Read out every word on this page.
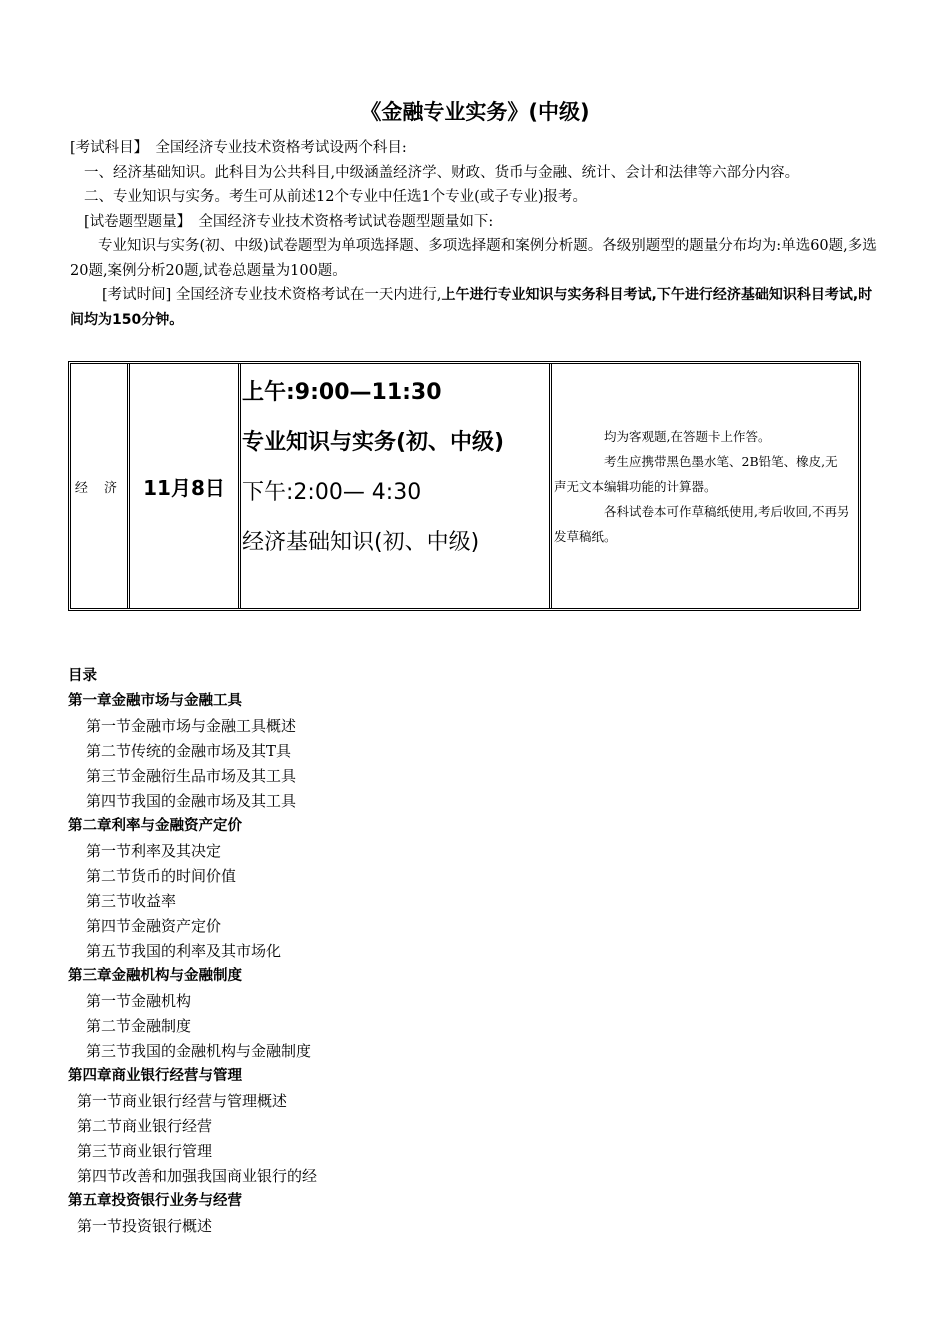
《金融专业实务》(中级)

[考试科目】　全国经济专业技术资格考试设两个科目:

一、经济基础知识。此科目为公共科目,中级涵盖经济学、财政、货币与金融、统计、会计和法律等六部分内容。

二、专业知识与实务。考生可从前述12个专业中任选1个专业(或子专业)报考。

[试卷题型题量】　全国经济专业技术资格考试试卷题型题量如下:

专业知识与实务(初、中级)试卷题型为单项选择题、多项选择题和案例分析题。各级别题型的题量分布均为:单选60题,多选20题,案例分析20题,试卷总题量为100题。

[考试时间] 全国经济专业技术资格考试在一天内进行,上午进行专业知识与实务科目考试,下午进行经济基础知识科目考试,时间均为150分钟。

经 济	11月8日
上午:9:00—11:30
专业知识与实务(初、中级)
下午:2:00— 4:30
经济基础知识(初、中级)

均为客观题,在答题卡上作答。

考生应携带黑色墨水笔、2B铅笔、橡皮,无声无文本编辑功能的计算器。

各科试卷本可作草稿纸使用,考后收回,不再另发草稿纸。

目录
第一章金融市场与金融工具
第一节金融市场与金融工具概述
第二节传统的金融市场及其T具
第三节金融衍生品市场及其工具
第四节我国的金融市场及其工具
第二章利率与金融资产定价
第一节利率及其决定
第二节货币的时间价值
第三节收益率
第四节金融资产定价
第五节我国的利率及其市场化
第三章金融机构与金融制度
第一节金融机构
第二节金融制度
第三节我国的金融机构与金融制度
第四章商业银行经营与管理
第一节商业银行经营与管理概述
第二节商业银行经营
第三节商业银行管理
第四节改善和加强我国商业银行的经
第五章投资银行业务与经营
第一节投资银行概述
